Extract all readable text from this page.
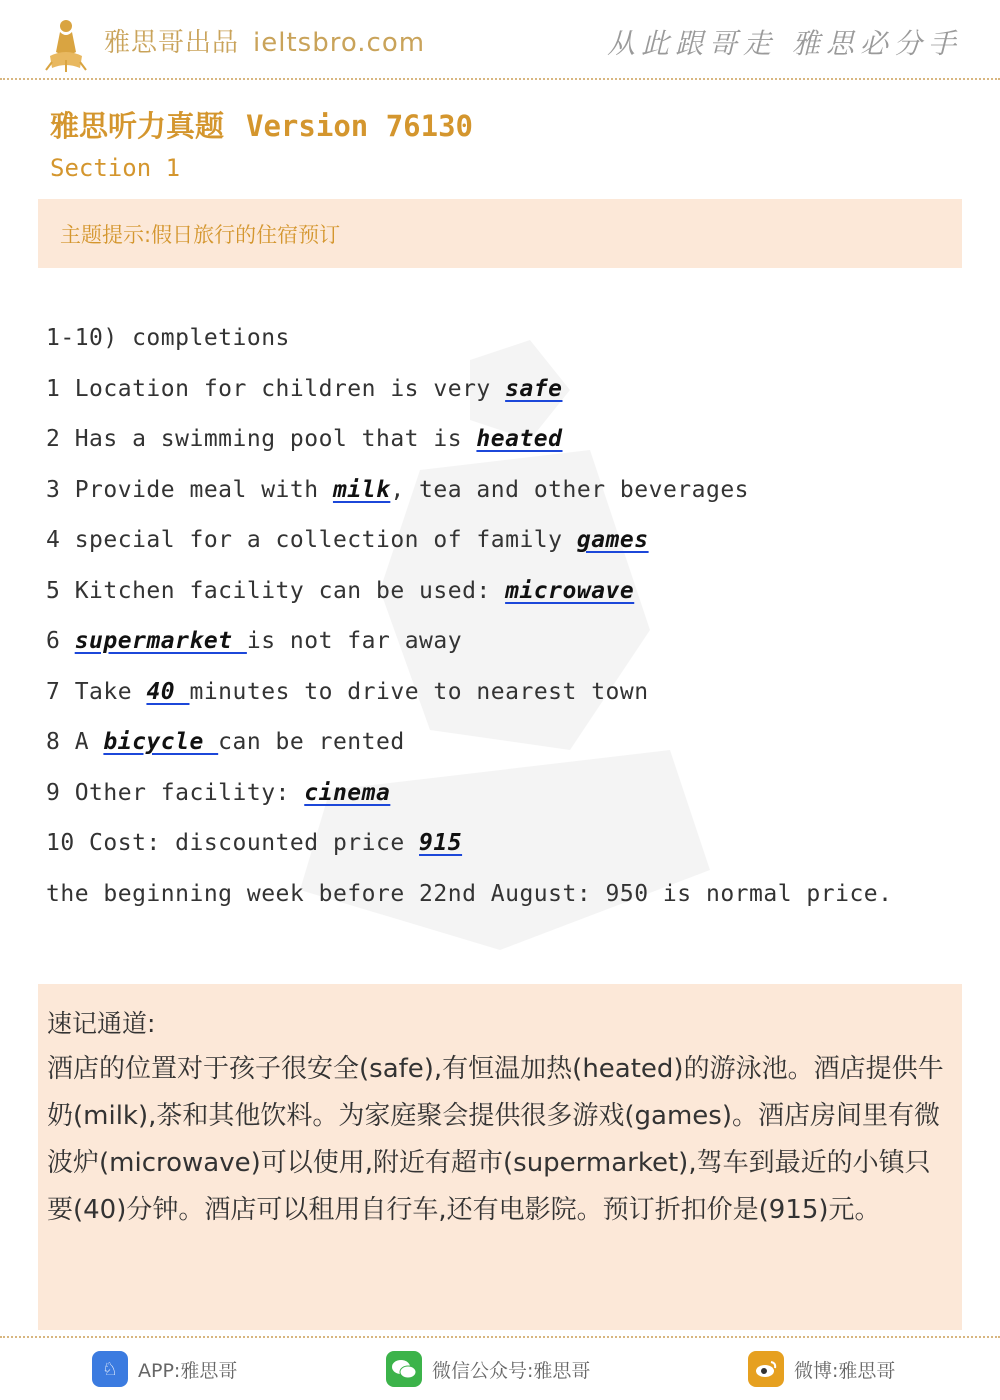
雅思哥出品 ieltsbro.com	从此跟哥走 雅思必分手
雅思听力真题 Version 76130
Section 1
主题提示:假日旅行的住宿预订
1-10) completions
1 Location for children is very safe
2 Has a swimming pool that is heated
3 Provide meal with milk, tea and other beverages
4 special for a collection of family games
5 Kitchen facility can be used: microwave
6 supermarket is not far away
7 Take 40 minutes to drive to nearest town
8 A bicycle can be rented
9 Other facility: cinema
10 Cost: discounted price 915
the beginning week before 22nd August: 950 is normal price.
速记通道:
酒店的位置对于孩子很安全(safe),有恒温加热(heated)的游泳池。酒店提供牛奶(milk),茶和其他饮料。为家庭聚会提供很多游戏(games)。酒店房间里有微波炉(microwave)可以使用,附近有超市(supermarket),驾车到最近的小镇只要(40)分钟。酒店可以租用自行车,还有电影院。预订折扣价是(915)元。
♘	APP:雅思哥	微信公众号:雅思哥	微博:雅思哥
